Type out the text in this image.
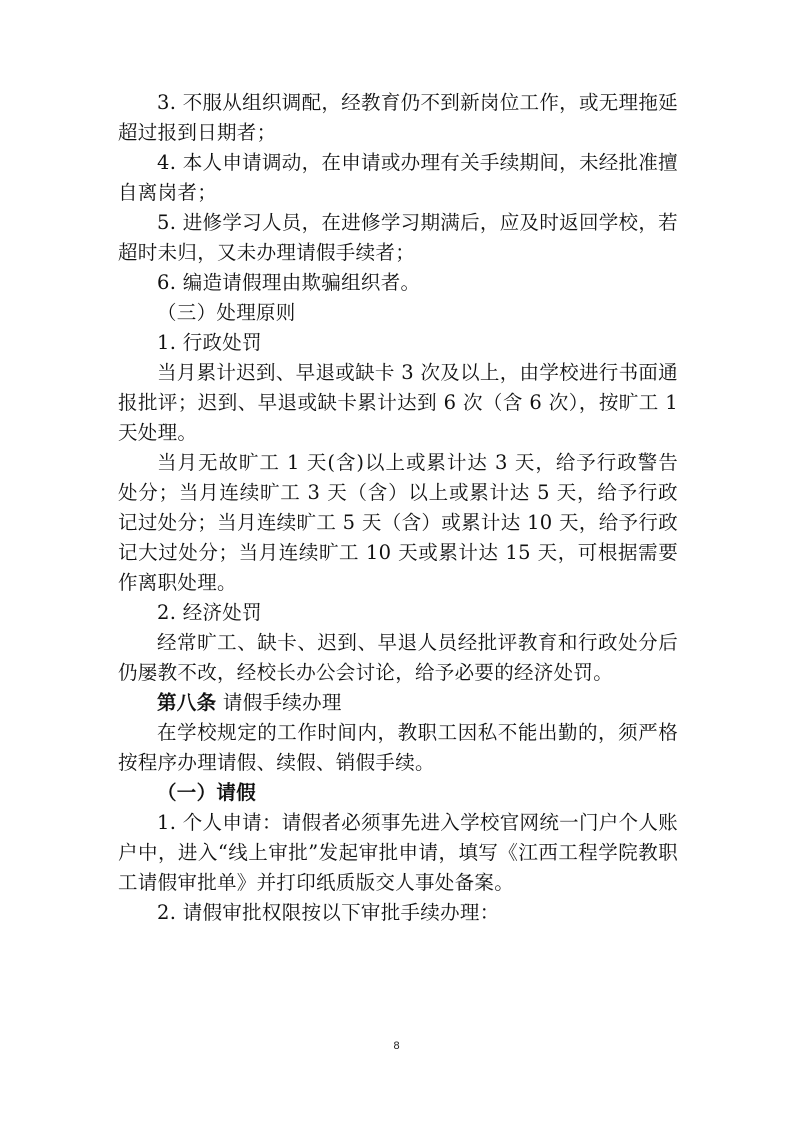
3. 不服从组织调配，经教育仍不到新岗位工作，或无理拖延超过报到日期者；

4. 本人申请调动，在申请或办理有关手续期间，未经批准擅自离岗者；

5. 进修学习人员，在进修学习期满后，应及时返回学校，若超时未归，又未办理请假手续者；

6. 编造请假理由欺骗组织者。

（三）处理原则

1. 行政处罚

当月累计迟到、早退或缺卡 3 次及以上，由学校进行书面通报批评；迟到、早退或缺卡累计达到 6 次（含 6 次），按旷工 1 天处理。

当月无故旷工 1 天(含)以上或累计达 3 天，给予行政警告处分；当月连续旷工 3 天（含）以上或累计达 5 天，给予行政记过处分；当月连续旷工 5 天（含）或累计达 10 天，给予行政记大过处分；当月连续旷工 10 天或累计达 15 天，可根据需要作离职处理。

2. 经济处罚

经常旷工、缺卡、迟到、早退人员经批评教育和行政处分后仍屡教不改，经校长办公会讨论，给予必要的经济处罚。

第八条 请假手续办理

在学校规定的工作时间内，教职工因私不能出勤的，须严格按程序办理请假、续假、销假手续。

（一）请假

1. 个人申请：请假者必须事先进入学校官网统一门户个人账户中，进入“线上审批”发起审批申请，填写《江西工程学院教职工请假审批单》并打印纸质版交人事处备案。

2. 请假审批权限按以下审批手续办理：

8
